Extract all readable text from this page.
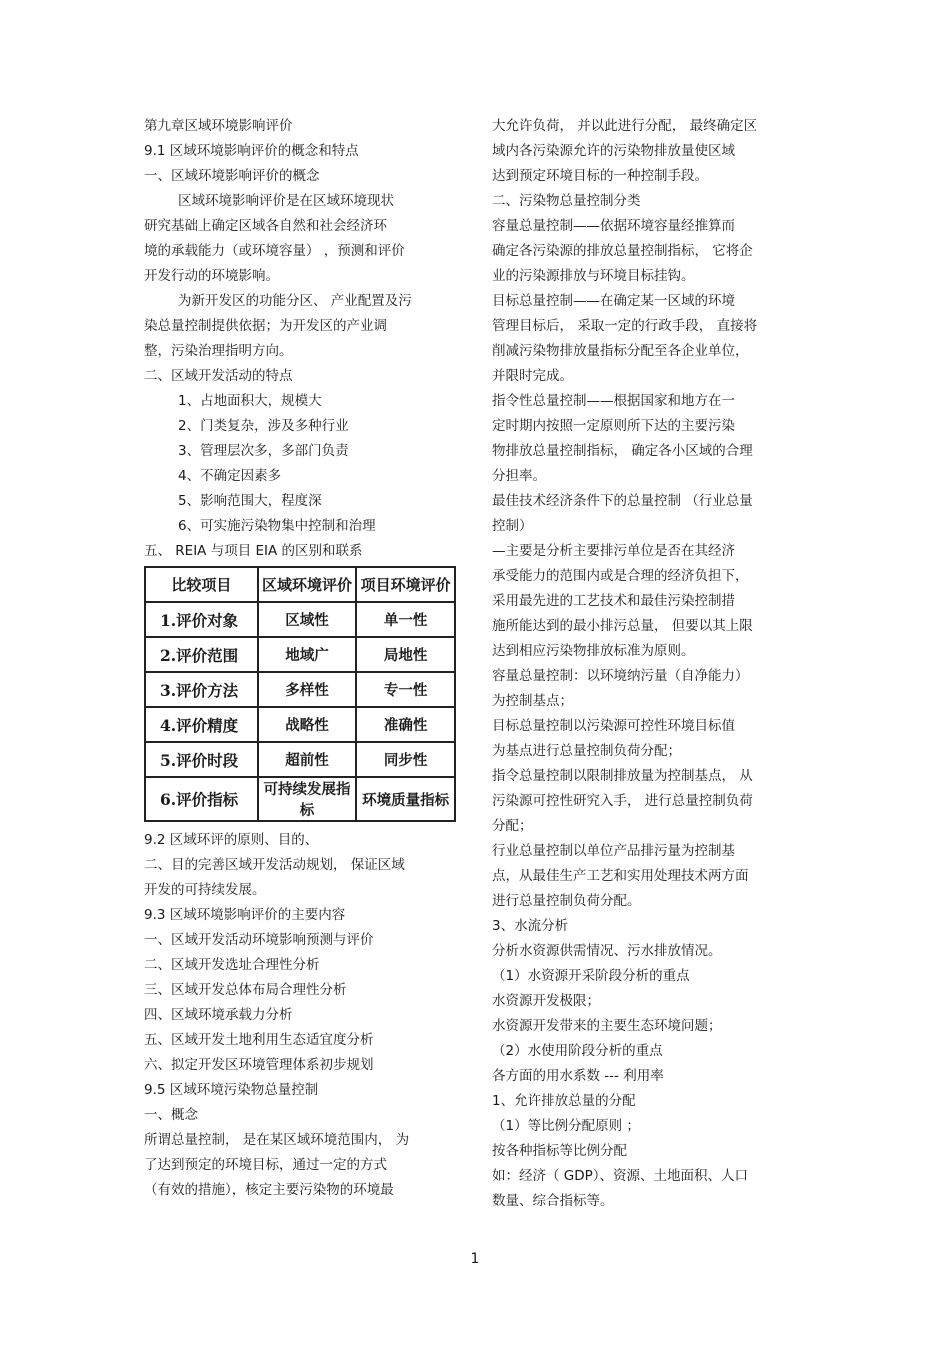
第九章区域环境影响评价
9.1 区域环境影响评价的概念和特点
一、区域环境影响评价的概念
区域环境影响评价是在区域环境现状
研究基础上确定区域各自然和社会经济环
境的承载能力（或环境容量） ，预测和评价
开发行动的环境影响。
为新开发区的功能分区、 产业配置及污
染总量控制提供依据；为开发区的产业调
整，污染治理指明方向。
二、区域开发活动的特点
1、占地面积大，规模大
2、门类复杂，涉及多种行业
3、管理层次多，多部门负责
4、不确定因素多
5、影响范围大，程度深
6、可实施污染物集中控制和治理
五、 REIA 与项目 EIA 的区别和联系
比较项目	区域环境评价	项目环境评价
1.评价对象	区域性	单一性
2.评价范围	地域广	局地性
3.评价方法	多样性	专一性
4.评价精度	战略性	准确性
5.评价时段	超前性	同步性
6.评价指标	可持续发展指标	环境质量指标
9.2 区域环评的原则、目的、
二、目的完善区域开发活动规划， 保证区域
开发的可持续发展。
9.3 区域环境影响评价的主要内容
一、区域开发活动环境影响预测与评价
二、区域开发选址合理性分析
三、区域开发总体布局合理性分析
四、区域环境承载力分析
五、区域开发土地利用生态适宜度分析
六、拟定开发区环境管理体系初步规划
9.5 区域环境污染物总量控制
一、概念
所谓总量控制， 是在某区域环境范围内， 为
了达到预定的环境目标，通过一定的方式
（有效的措施），核定主要污染物的环境最
大允许负荷， 并以此进行分配， 最终确定区
域内各污染源允许的污染物排放量使区域
达到预定环境目标的一种控制手段。
二、污染物总量控制分类
容量总量控制——依据环境容量经推算而
确定各污染源的排放总量控制指标， 它将企
业的污染源排放与环境目标挂钩。
目标总量控制——在确定某一区域的环境
管理目标后， 采取一定的行政手段， 直接将
削减污染物排放量指标分配至各企业单位，
并限时完成。
指令性总量控制——根据国家和地方在一
定时期内按照一定原则所下达的主要污染
物排放总量控制指标， 确定各小区域的合理
分担率。
最佳技术经济条件下的总量控制 （行业总量
控制）
—主要是分析主要排污单位是否在其经济
承受能力的范围内或是合理的经济负担下，
采用最先进的工艺技术和最佳污染控制措
施所能达到的最小排污总量， 但要以其上限
达到相应污染物排放标准为原则。
容量总量控制：以环境纳污量（自净能力）
为控制基点；
目标总量控制以污染源可控性环境目标值
为基点进行总量控制负荷分配；
指令总量控制以限制排放量为控制基点， 从
污染源可控性研究入手， 进行总量控制负荷
分配；
行业总量控制以单位产品排污量为控制基
点，从最佳生产工艺和实用处理技术两方面
进行总量控制负荷分配。
3、水流分析
分析水资源供需情况、污水排放情况。
（1）水资源开采阶段分析的重点
水资源开发极限；
水资源开发带来的主要生态环境问题；
（2）水使用阶段分析的重点
各方面的用水系数 --- 利用率
1、允许排放总量的分配
（1）等比例分配原则 ；
按各种指标等比例分配
如：经济（ GDP）、资源、土地面积、人口
数量、综合指标等。
1
